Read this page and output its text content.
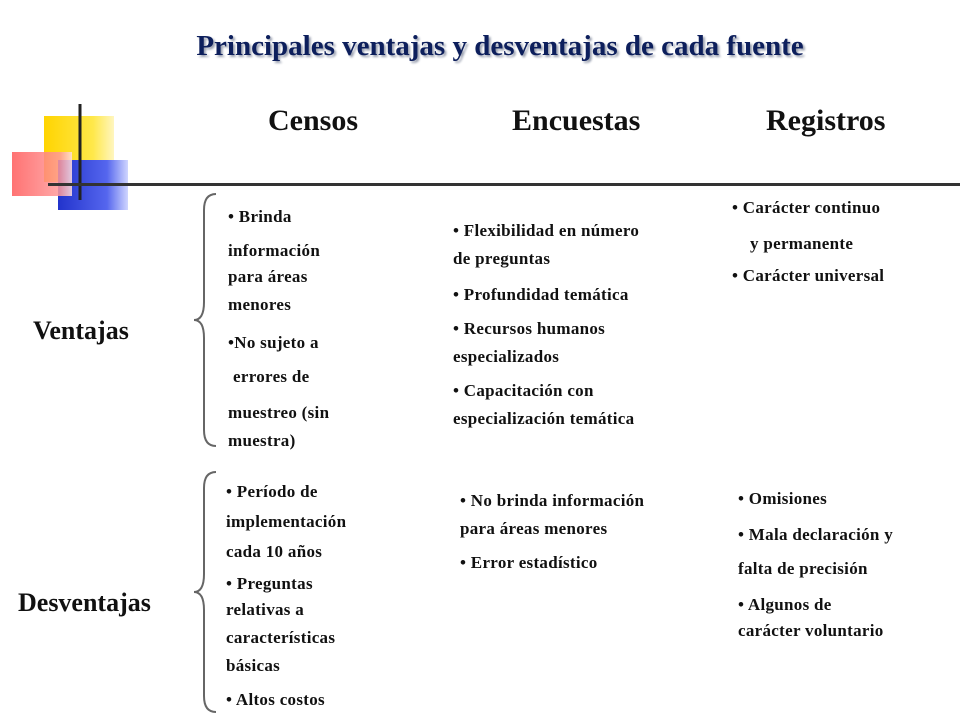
Principales ventajas y desventajas de cada fuente
Censos	Encuestas	Registros
Ventajas
Desventajas

• Brinda

información

para áreas

menores

•No sujeto a

errores de

muestreo (sin

muestra)

• Flexibilidad en número

de preguntas

• Profundidad temática

• Recursos humanos

especializados

• Capacitación con

especialización temática

• Carácter continuo

y permanente

• Carácter universal

• Período de

implementación

cada 10 años

• Preguntas

relativas a

características

básicas

• Altos costos

• No brinda información

para áreas menores

• Error estadístico

• Omisiones

• Mala declaración y

falta de precisión

• Algunos de

carácter voluntario
